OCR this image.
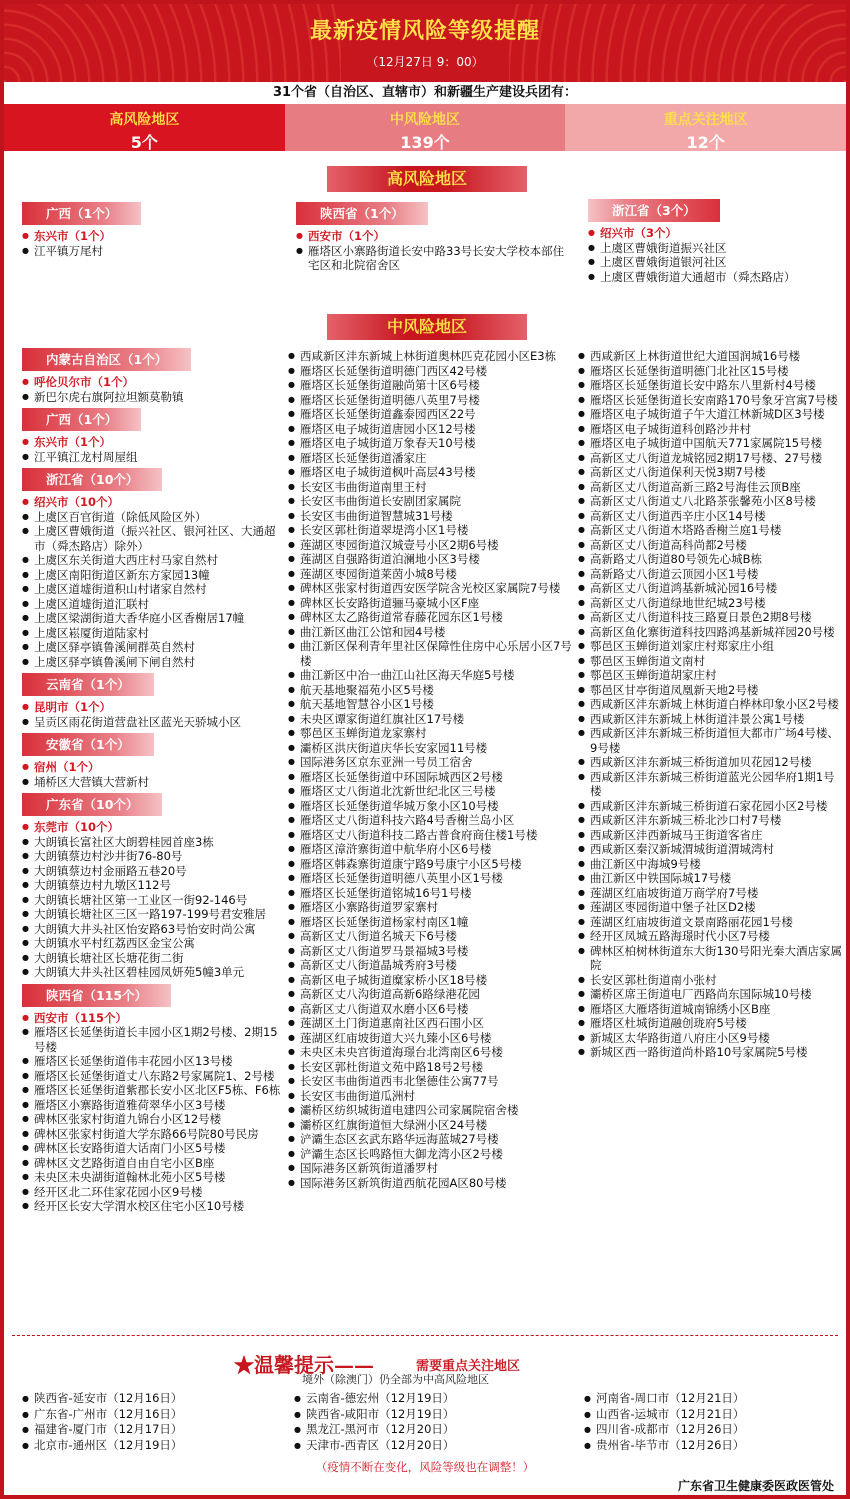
最新疫情风险等级提醒
（12月27日 9：00）
31个省（自治区、直辖市）和新疆生产建设兵团有：
高风险地区
5个
中风险地区
139个
重点关注地区
12个
高风险地区
广西（1个）
● 东兴市（1个）
● 江平镇万尾村
陕西省（1个）
● 西安市（1个）
● 雁塔区小寨路街道长安中路33号长安大学校本部住宅区和北院宿舍区
浙江省（3个）
● 绍兴市（3个）
● 上虞区曹娥街道振兴社区
● 上虞区曹娥街道银河社区
● 上虞区曹娥街道大通超市（舜杰路店）
中风险地区
内蒙古自治区（1个）
● 呼伦贝尔市（1个）
● 新巴尔虎右旗阿拉坦额莫勒镇
广西（1个）
● 东兴市（1个）
● 江平镇江龙村周屋组
浙江省（10个）
● 绍兴市（10个）
● 上虞区百官街道（除低风险区外）
● 上虞区曹娥街道（振兴社区、银河社区、大通超市（舜杰路店）除外）
● 上虞区东关街道大西庄村马家自然村
● 上虞区南阳街道区新东方家园13幢
● 上虞区道墟街道积山村诸家自然村
● 上虞区道墟街道汇联村
● 上虞区梁湖街道大香华庭小区香榭居17幢
● 上虞区崧厦街道陆家村
● 上虞区驿亭镇鲁溪闸群英自然村
● 上虞区驿亭镇鲁溪闸下闸自然村
云南省（1个）
● 昆明市（1个）
● 呈贡区雨花街道营盘社区蓝光天骄城小区
安徽省（1个）
● 宿州（1个）
● 埇桥区大营镇大营新村
广东省（10个）
● 东莞市（10个）
● 大朗镇长富社区大朗碧桂园首座3栋
● 大朗镇蔡边村沙井街76-80号
● 大朗镇蔡边村金丽路五巷20号
● 大朗镇蔡边村九墩区112号
● 大朗镇长塘社区第一工业区一街92-146号
● 大朗镇长塘社区三区一路197-199号君安雅居
● 大朗镇大井头社区怡安路63号怡安时尚公寓
● 大朗镇水平村红荔西区金宝公寓
● 大朗镇长塘社区长塘花街二街
● 大朗镇大井头社区碧桂园凤妍苑5幢3单元
陕西省（115个）
● 西安市（115个）
● 雁塔区长延堡街道长丰园小区1期2号楼、2期15号楼
● 雁塔区长延堡街道伟丰花园小区13号楼
● 雁塔区长延堡街道丈八东路2号家属院1、2号楼
● 雁塔区长延堡街道紫郡长安小区北区F5栋、F6栋
● 雁塔区小寨路街道雅荷翠华小区3号楼
● 碑林区张家村街道九锦台小区12号楼
● 碑林区张家村街道大学东路66号院80号民房
● 碑林区长安路街道大话南门小区5号楼
● 碑林区文艺路街道自由自宅小区B座
● 未央区未央湖街道翰林北苑小区5号楼
● 经开区北二环佳家花园小区9号楼
● 经开区长安大学渭水校区住宅小区10号楼
● 西咸新区沣东新城上林街道奥林匹克花园小区E3栋
● 雁塔区长延堡街道明德门西区42号楼
● 雁塔区长延堡街道融尚第十区6号楼
● 雁塔区长延堡街道明德八英里7号楼
● 雁塔区长延堡街道鑫泰园西区22号
● 雁塔区电子城街道唐园小区12号楼
● 雁塔区电子城街道万象春天10号楼
● 雁塔区长延堡街道潘家庄
● 雁塔区电子城街道枫叶高层43号楼
● 长安区韦曲街道南里王村
● 长安区韦曲街道长安剧团家属院
● 长安区韦曲街道智慧城31号楼
● 长安区郭杜街道翠堤湾小区1号楼
● 莲湖区枣园街道汉城壹号小区2期6号楼
● 莲湖区自强路街道泊澜地小区3号楼
● 莲湖区枣园街道莱茵小城8号楼
● 碑林区张家村街道西安医学院含光校区家属院7号楼
● 碑林区长安路街道骊马豪城小区F座
● 碑林区太乙路街道常春藤花园东区1号楼
● 曲江新区曲江公馆和园4号楼
● 曲江新区保利青年里社区保障性住房中心乐居小区7号楼
● 曲江新区中冶一曲江山社区海天华庭5号楼
● 航天基地聚福苑小区5号楼
● 航天基地智慧谷小区1号楼
● 未央区谭家街道红旗社区17号楼
● 鄠邑区玉蝉街道龙家寨村
● 灞桥区洪庆街道庆华长安家园11号楼
● 国际港务区京东亚洲一号员工宿舍
● 雁塔区长延堡街道中环国际城西区2号楼
● 雁塔区丈八街道北沈新世纪北区三号楼
● 雁塔区长延堡街道华城万象小区10号楼
● 雁塔区丈八街道科技六路4号香榭兰岛小区
● 雁塔区丈八街道科技二路古普食府商住楼1号楼
● 雁塔区漳浒寨街道中航华府小区6号楼
● 雁塔区韩森寨街道康宁路9号康宁小区5号楼
● 雁塔区长延堡街道明德八英里小区1号楼
● 雁塔区长延堡街道铭城16号1号楼
● 雁塔区小寨路街道罗家寨村
● 雁塔区长延堡街道杨家村南区1幢
● 高新区丈八街道名城天下6号楼
● 高新区丈八街道罗马景福城3号楼
● 高新区丈八街道晶城秀府3号楼
● 高新区电子城街道糜家桥小区18号楼
● 高新区丈八沟街道高新6路绿港花园
● 高新区丈八街道双水磨小区6号楼
● 莲湖区土门街道惠南社区西石围小区
● 莲湖区红庙坡街道大兴九臻小区6号楼
● 未央区未央宫街道海璟台北湾南区6号楼
● 长安区郭杜街道文苑中路18号2号楼
● 长安区韦曲街道西韦北堡德佳公寓77号
● 长安区韦曲街道瓜洲村
● 灞桥区纺织城街道电建四公司家属院宿舍楼
● 灞桥区红旗街道恒大绿洲小区24号楼
● 浐灞生态区玄武东路华远海蓝城27号楼
● 浐灞生态区长鸣路恒大御龙湾小区2号楼
● 国际港务区新筑街道潘罗村
● 国际港务区新筑街道西航花园A区80号楼
● 西咸新区上林街道世纪大道国润城16号楼
● 雁塔区长延堡街道明德门北社区15号楼
● 雁塔区长延堡街道长安中路东八里新村4号楼
● 雁塔区长延堡街道长安南路170号象牙宫寓7号楼
● 雁塔区电子城街道子午大道江林新城D区3号楼
● 雁塔区电子城街道科创路沙井村
● 雁塔区电子城街道中国航天771家属院15号楼
● 高新区丈八街道龙城铭园2期17号楼、27号楼
● 高新区丈八街道保利天悦3期7号楼
● 高新区丈八街道高新三路2号海佳云顶B座
● 高新区丈八街道丈八北路茶张馨苑小区8号楼
● 高新区丈八街道西辛庄小区14号楼
● 高新区丈八街道木塔路香榭兰庭1号楼
● 高新区丈八街道高科尚都2号楼
● 高新路丈八街道80号领先心城B栋
● 高新路丈八街道云顶园小区1号楼
● 高新区丈八街道鸿基新城沁园16号楼
● 高新区丈八街道绿地世纪城23号楼
● 高新区丈八街道科技三路夏日景色2期8号楼
● 高新区鱼化寨街道科技四路鸿基新城祥园20号楼
● 鄠邑区玉蝉街道刘家庄村郑家庄小组
● 鄠邑区玉蝉街道文南村
● 鄠邑区玉蝉街道胡家庄村
● 鄠邑区甘亭街道凤凰新天地2号楼
● 西咸新区沣东新城上林街道白桦林印象小区2号楼
● 西咸新区沣东新城上林街道沣景公寓1号楼
● 西咸新区沣东新城三桥街道恒大都市广场4号楼、9号楼
● 西咸新区沣东新城三桥街道加贝花园12号楼
● 西咸新区沣东新城三桥街道蓝光公园华府1期1号楼
● 西咸新区沣东新城三桥街道石家花园小区2号楼
● 西咸新区沣东新城三桥北沙口村7号楼
● 西咸新区沣西新城马王街道客省庄
● 西咸新区秦汉新城渭城街道渭城湾村
● 曲江新区中海城9号楼
● 曲江新区中铁国际城17号楼
● 莲湖区红庙坡街道万商学府7号楼
● 莲湖区枣园街道中堡子社区D2楼
● 莲湖区红庙坡街道文景南路丽花园1号楼
● 经开区凤城五路海璟时代小区7号楼
● 碑林区柏树林街道东大街130号阳光秦大酒店家属院
● 长安区郭杜街道南小张村
● 灞桥区席王街道电厂西路尚东国际城10号楼
● 雁塔区大雁塔街道城南锦绣小区B座
● 雁塔区杜城街道融创珑府5号楼
● 新城区太华路街道八府庄小区9号楼
● 新城区西一路街道尚朴路10号家属院5号楼
★温馨提示——	需要重点关注地区
境外（除澳门）仍全部为中高风险地区
● 陕西省-延安市（12月16日）
● 广东省-广州市（12月16日）
● 福建省-厦门市（12月17日）
● 北京市-通州区（12月19日）
● 云南省-德宏州（12月19日）
● 陕西省-咸阳市（12月19日）
● 黑龙江-黑河市（12月20日）
● 天津市-西青区（12月20日）
● 河南省-周口市（12月21日）
● 山西省-运城市（12月21日）
● 四川省-成都市（12月26日）
● 贵州省-毕节市（12月26日）
（疫情不断在变化，风险等级也在调整！）
广东省卫生健康委医政医管处
